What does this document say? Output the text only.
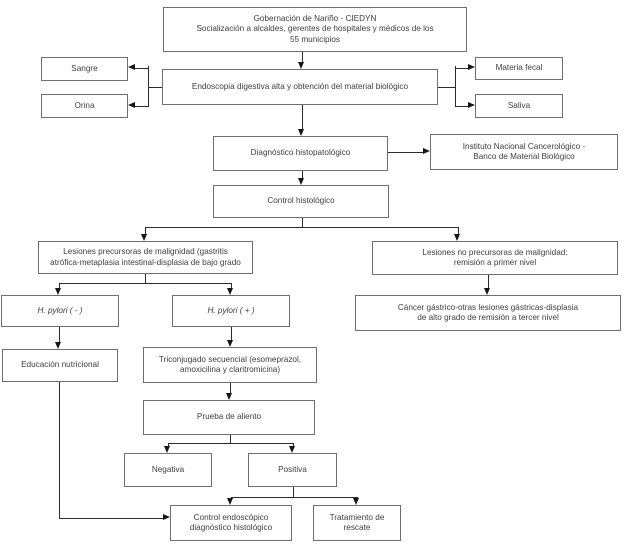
Gobernación de Nariño - CIEDYN
Socialización a alcaldes, gerentes de hospitales y médicos de los
55 municipios
Sangre
Orina
Endoscopia digestiva alta y obtención del material biológico
Materia fecal
Saliva
Diagnóstico histopatológico
Instituto Nacional Cancerológico -
Banco de Material Biológico
Control histológico
Lesiones precursoras de malignidad (gastritis
atrófica-metaplasia intestinal-displasia de bajo grado
Lesiones no precursoras de malignidad:
remisión a primer nivel
H. pylori ( - )	H. pylori ( + )	Cáncer gástrico-otras lesiones gástricas-displasia
de alto grado de remisión a tercer nivel
Educación nutricional
Triconjugado secuencial (esomeprazol,
amoxicilina y claritromicina)
Prueba de aliento
Negativa	Positiva
Control endoscópico
diagnóstico histológico
Tratamiento de
rescate
